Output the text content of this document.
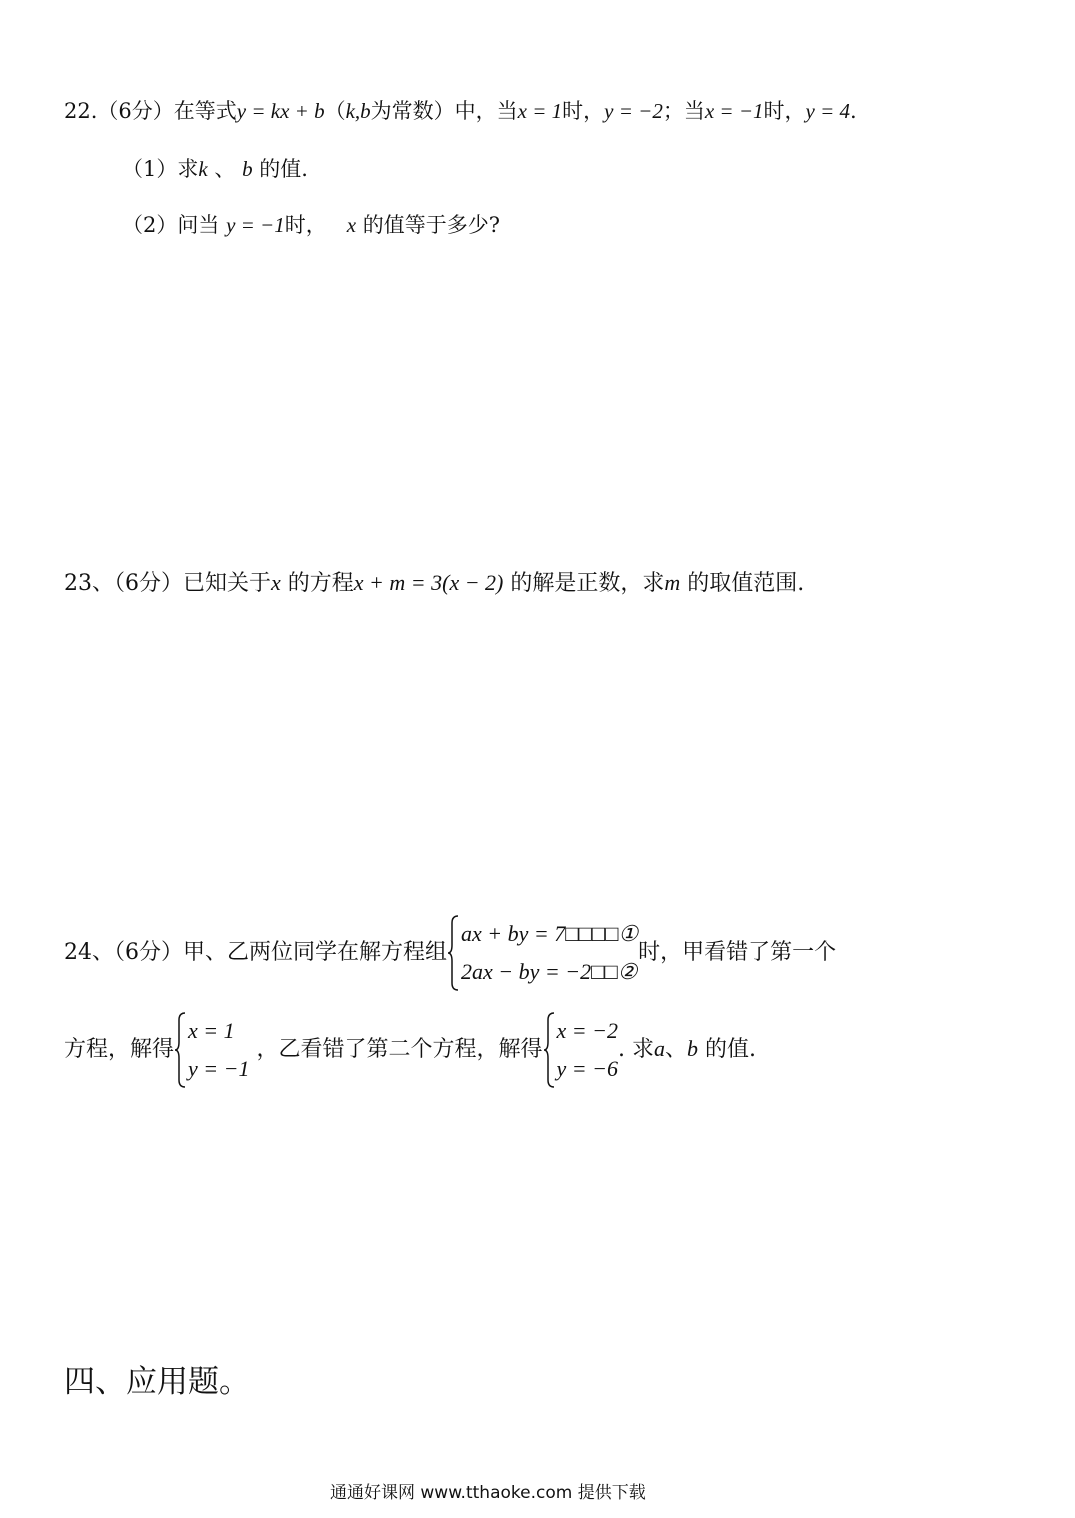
22.（6分）在等式y = kx + b（k,b为常数）中，当x = 1时，y = −2；当x = −1时，y = 4.
（1）求k 、 b 的值.
（2）问当 y = −1时， x 的值等于多少?
23、（6分）已知关于x 的方程x + m = 3(x − 2) 的解是正数，求m 的取值范围.
24、（6分）甲、乙两位同学在解方程组
ax + by = 7□□□□①
2ax − by = −2□□②
时，甲看错了第一个
方程，解得
x = 1
y = −1
，乙看错了第二个方程，解得
x = −2
y = −6
. 求a、b 的值.
四、应用题。
通通好课网 www.tthaoke.com 提供下载
